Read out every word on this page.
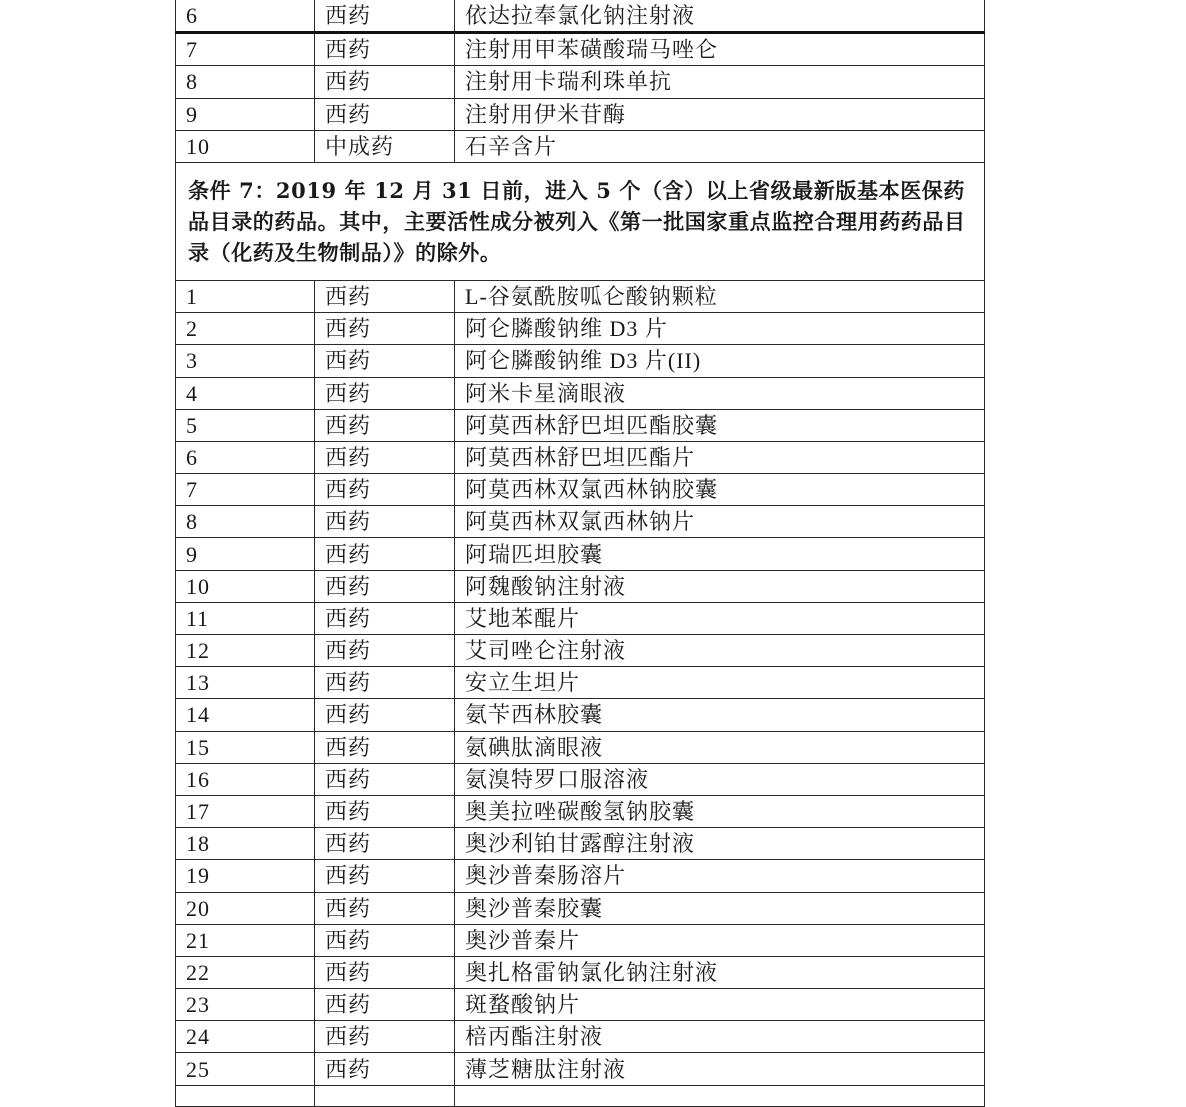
6	西药	依达拉奉氯化钠注射液
7	西药	注射用甲苯磺酸瑞马唑仑
8	西药	注射用卡瑞利珠单抗
9	西药	注射用伊米苷酶
10	中成药	石辛含片
条件 7：2019 年 12 月 31 日前，进入 5 个（含）以上省级最新版基本医保药品目录的药品。其中，主要活性成分被列入《第一批国家重点监控合理用药药品目录（化药及生物制品）》的除外。		
1	西药	L-谷氨酰胺呱仑酸钠颗粒
2	西药	阿仑膦酸钠维 D3 片
3	西药	阿仑膦酸钠维 D3 片(II)
4	西药	阿米卡星滴眼液
5	西药	阿莫西林舒巴坦匹酯胶囊
6	西药	阿莫西林舒巴坦匹酯片
7	西药	阿莫西林双氯西林钠胶囊
8	西药	阿莫西林双氯西林钠片
9	西药	阿瑞匹坦胶囊
10	西药	阿魏酸钠注射液
11	西药	艾地苯醌片
12	西药	艾司唑仑注射液
13	西药	安立生坦片
14	西药	氨苄西林胶囊
15	西药	氨碘肽滴眼液
16	西药	氨溴特罗口服溶液
17	西药	奥美拉唑碳酸氢钠胶囊
18	西药	奥沙利铂甘露醇注射液
19	西药	奥沙普秦肠溶片
20	西药	奥沙普秦胶囊
21	西药	奥沙普秦片
22	西药	奥扎格雷钠氯化钠注射液
23	西药	斑蝥酸钠片
24	西药	棓丙酯注射液
25	西药	薄芝糖肽注射液
